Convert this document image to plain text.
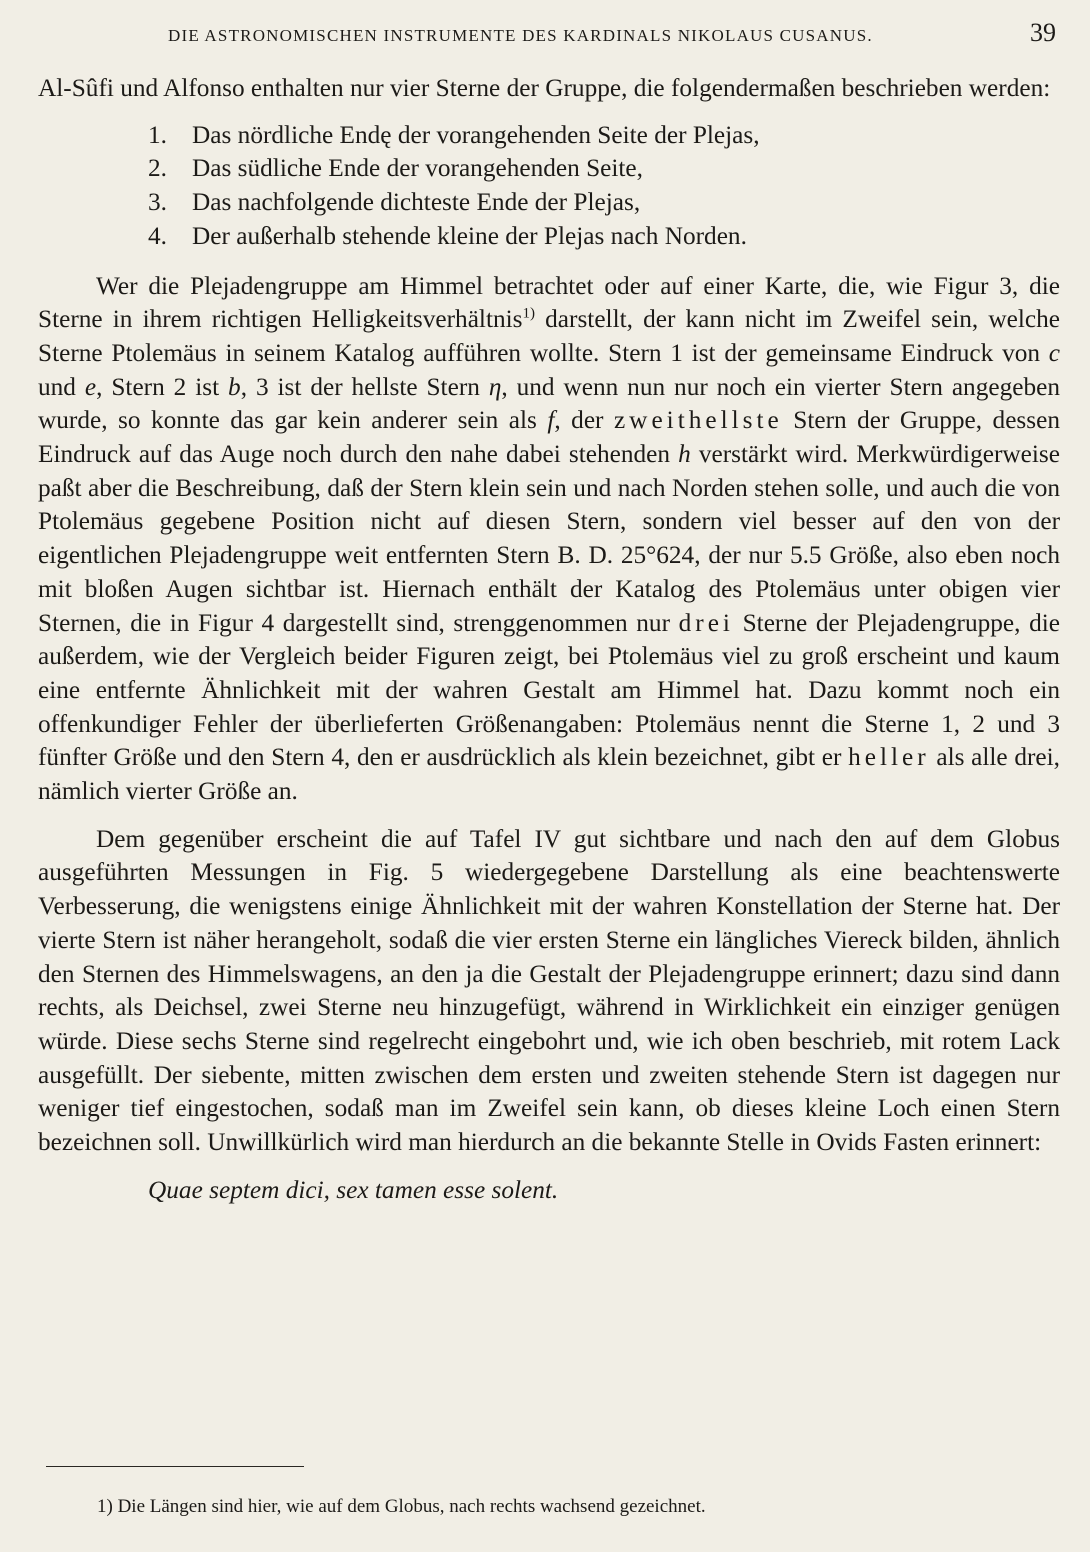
DIE ASTRONOMISCHEN INSTRUMENTE DES KARDINALS NIKOLAUS CUSANUS.	39

Al-Sûfi und Alfonso enthalten nur vier Sterne der Gruppe, die folgendermaßen beschrieben werden:

1. Das nördliche Endę der vorangehenden Seite der Plejas,
2. Das südliche Ende der vorangehenden Seite,
3. Das nachfolgende dichteste Ende der Plejas,
4. Der außerhalb stehende kleine der Plejas nach Norden.

Wer die Plejadengruppe am Himmel betrachtet oder auf einer Karte, die, wie Figur 3, die Sterne in ihrem richtigen Helligkeitsverhältnis$^{1)}$ darstellt, der kann nicht im Zweifel sein, welche Sterne Ptolemäus in seinem Katalog aufführen wollte. Stern 1 ist der gemeinsame Eindruck von c und e, Stern 2 ist b, 3 ist der hellste Stern η, und wenn nun nur noch ein vierter Stern angegeben wurde, so konnte das gar kein anderer sein als f, der zweithellste Stern der Gruppe, dessen Eindruck auf das Auge noch durch den nahe dabei stehenden h verstärkt wird. Merkwürdigerweise paßt aber die Beschreibung, daß der Stern klein sein und nach Norden stehen solle, und auch die von Ptolemäus gegebene Position nicht auf diesen Stern, sondern viel besser auf den von der eigentlichen Plejadengruppe weit entfernten Stern B. D. 25°624, der nur 5.5 Größe, also eben noch mit bloßen Augen sichtbar ist. Hiernach enthält der Katalog des Ptolemäus unter obigen vier Sternen, die in Figur 4 dargestellt sind, strenggenommen nur drei Sterne der Plejadengruppe, die außerdem, wie der Vergleich beider Figuren zeigt, bei Ptolemäus viel zu groß erscheint und kaum eine entfernte Ähnlichkeit mit der wahren Gestalt am Himmel hat. Dazu kommt noch ein offenkundiger Fehler der überlieferten Größenangaben: Ptolemäus nennt die Sterne 1, 2 und 3 fünfter Größe und den Stern 4, den er ausdrücklich als klein bezeichnet, gibt er heller als alle drei, nämlich vierter Größe an.

Dem gegenüber erscheint die auf Tafel IV gut sichtbare und nach den auf dem Globus ausgeführten Messungen in Fig. 5 wiedergegebene Darstellung als eine beachtenswerte Verbesserung, die wenigstens einige Ähnlichkeit mit der wahren Konstellation der Sterne hat. Der vierte Stern ist näher herangeholt, sodaß die vier ersten Sterne ein längliches Viereck bilden, ähnlich den Sternen des Himmelswagens, an den ja die Gestalt der Plejadengruppe erinnert; dazu sind dann rechts, als Deichsel, zwei Sterne neu hinzugefügt, während in Wirklichkeit ein einziger genügen würde. Diese sechs Sterne sind regelrecht eingebohrt und, wie ich oben beschrieb, mit rotem Lack ausgefüllt. Der siebente, mitten zwischen dem ersten und zweiten stehende Stern ist dagegen nur weniger tief eingestochen, sodaß man im Zweifel sein kann, ob dieses kleine Loch einen Stern bezeichnen soll. Unwillkürlich wird man hierdurch an die bekannte Stelle in Ovids Fasten erinnert:

Quae septem dici, sex tamen esse solent.

1) Die Längen sind hier, wie auf dem Globus, nach rechts wachsend gezeichnet.
